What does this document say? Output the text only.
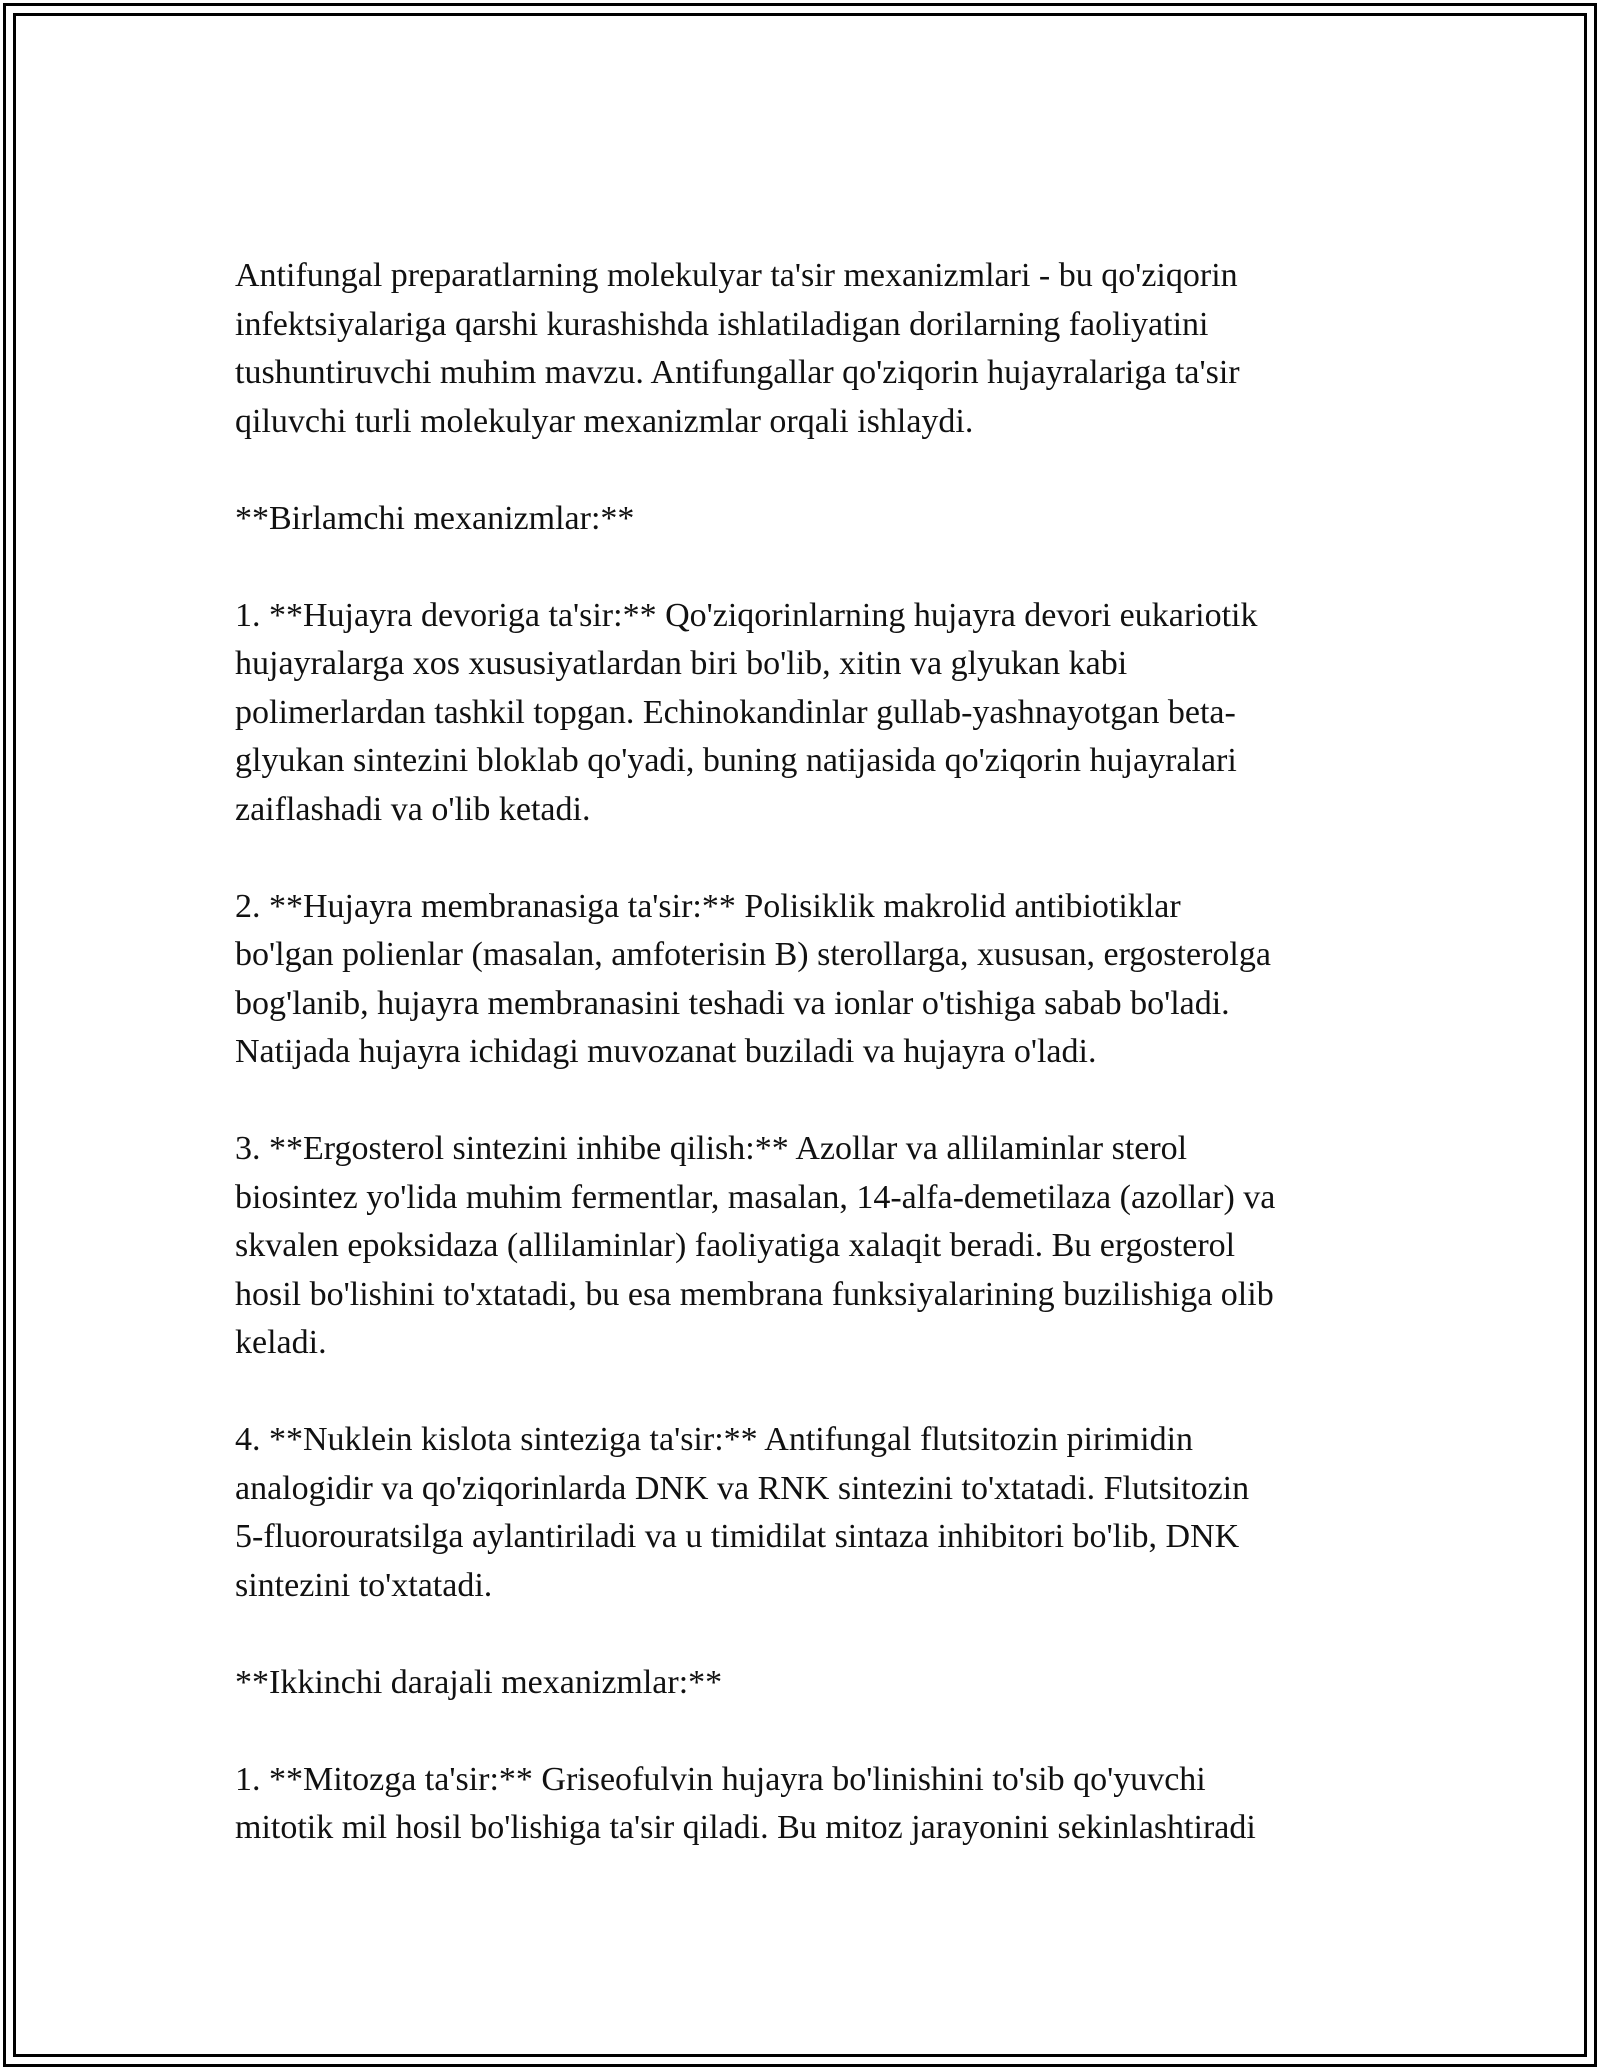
Antifungal preparatlarning molekulyar ta'sir mexanizmlari - bu qo'ziqorin
infektsiyalariga qarshi kurashishda ishlatiladigan dorilarning faoliyatini
tushuntiruvchi muhim mavzu. Antifungallar qo'ziqorin hujayralariga ta'sir
qiluvchi turli molekulyar mexanizmlar orqali ishlaydi.

**Birlamchi mexanizmlar:**

1. **Hujayra devoriga ta'sir:** Qo'ziqorinlarning hujayra devori eukariotik
hujayralarga xos xususiyatlardan biri bo'lib, xitin va glyukan kabi
polimerlardan tashkil topgan. Echinokandinlar gullab-yashnayotgan beta-
glyukan sintezini bloklab qo'yadi, buning natijasida qo'ziqorin hujayralari
zaiflashadi va o'lib ketadi.

2. **Hujayra membranasiga ta'sir:** Polisiklik makrolid antibiotiklar
bo'lgan polienlar (masalan, amfoterisin B) sterollarga, xususan, ergosterolga
bog'lanib, hujayra membranasini teshadi va ionlar o'tishiga sabab bo'ladi.
Natijada hujayra ichidagi muvozanat buziladi va hujayra o'ladi.

3. **Ergosterol sintezini inhibe qilish:** Azollar va allilaminlar sterol
biosintez yo'lida muhim fermentlar, masalan, 14-alfa-demetilaza (azollar) va
skvalen epoksidaza (allilaminlar) faoliyatiga xalaqit beradi. Bu ergosterol
hosil bo'lishini to'xtatadi, bu esa membrana funksiyalarining buzilishiga olib
keladi.

4. **Nuklein kislota sinteziga ta'sir:** Antifungal flutsitozin pirimidin
analogidir va qo'ziqorinlarda DNK va RNK sintezini to'xtatadi. Flutsitozin
5-fluorouratsilga aylantiriladi va u timidilat sintaza inhibitori bo'lib, DNK
sintezini to'xtatadi.

**Ikkinchi darajali mexanizmlar:**

1. **Mitozga ta'sir:** Griseofulvin hujayra bo'linishini to'sib qo'yuvchi
mitotik mil hosil bo'lishiga ta'sir qiladi. Bu mitoz jarayonini sekinlashtiradi
